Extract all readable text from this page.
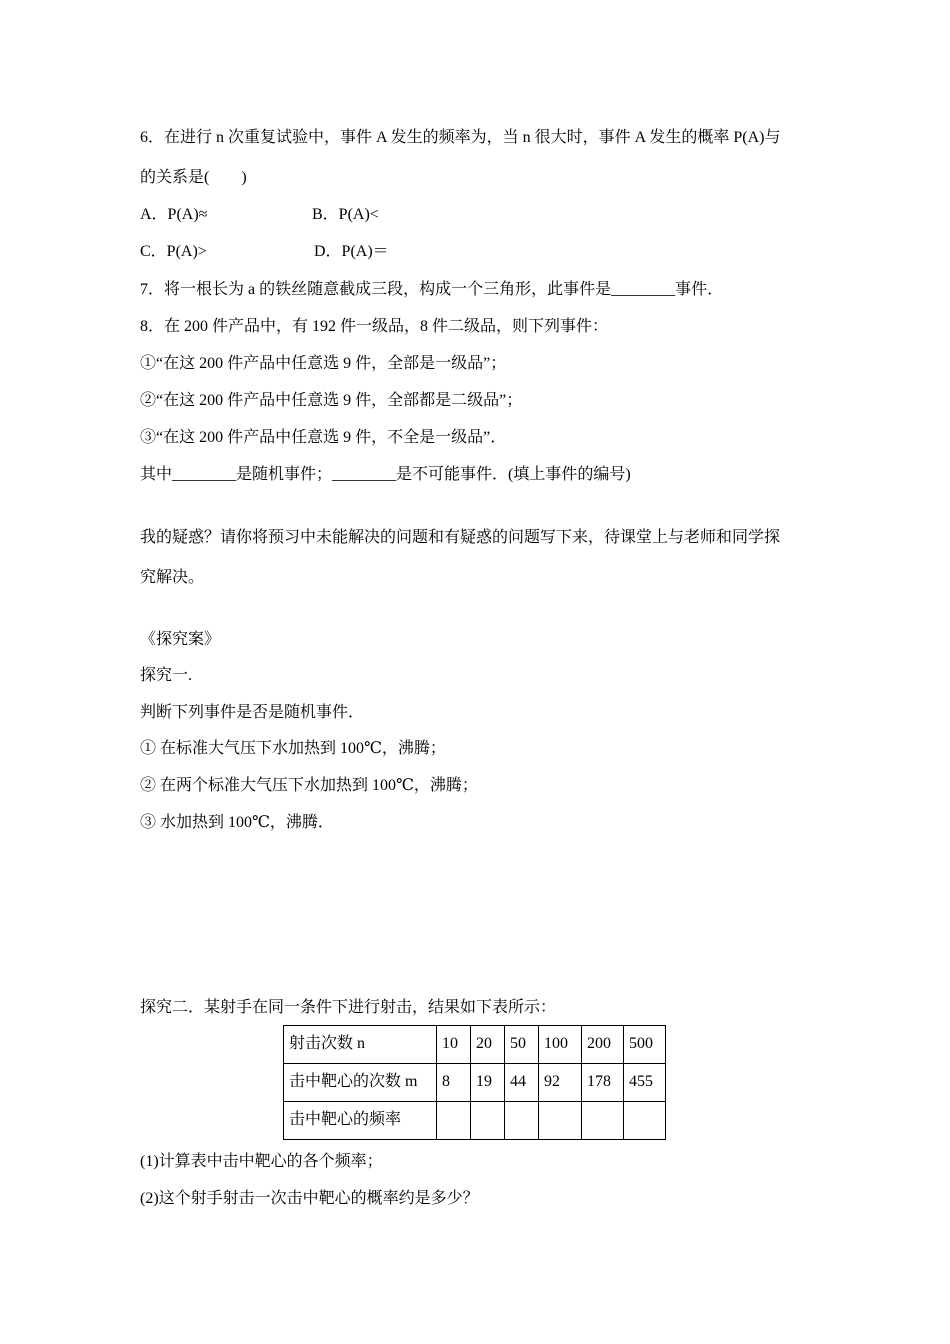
6．在进行 n 次重复试验中，事件 A 发生的频率为，当 n 很大时，事件 A 发生的概率 P(A)与
的关系是(　　)
A．P(A)≈	B．P(A)<
C．P(A)>	D．P(A)＝
7．将一根长为 a 的铁丝随意截成三段，构成一个三角形，此事件是________事件．
8．在 200 件产品中，有 192 件一级品，8 件二级品，则下列事件：
①“在这 200 件产品中任意选 9 件，全部是一级品”；
②“在这 200 件产品中任意选 9 件，全部都是二级品”；
③“在这 200 件产品中任意选 9 件，不全是一级品”．
其中________是随机事件；________是不可能事件．(填上事件的编号)
我的疑惑？请你将预习中未能解决的问题和有疑惑的问题写下来，待课堂上与老师和同学探
究解决。
《探究案》
探究一.
判断下列事件是否是随机事件．
① 在标准大气压下水加热到 100℃，沸腾；
② 在两个标准大气压下水加热到 100℃，沸腾；
③ 水加热到 100℃，沸腾．
探究二．某射手在同一条件下进行射击，结果如下表所示：
射击次数 n	10	20	50	100	200	500
击中靶心的次数 m	8	19	44	92	178	455
击中靶心的频率						
(1)计算表中击中靶心的各个频率；
(2)这个射手射击一次击中靶心的概率约是多少？
